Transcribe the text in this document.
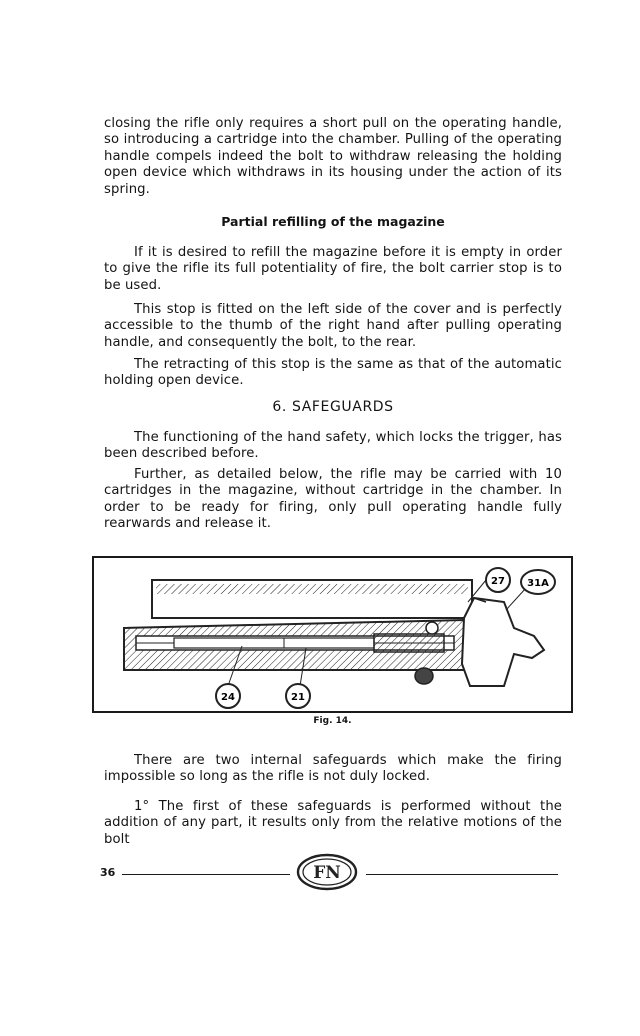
closing the rifle only requires a short pull on the operating handle, so introducing a cartridge into the chamber. Pulling of the operating handle compels indeed the bolt to withdraw releasing the holding open device which withdraws in its housing under the action of its spring.

Partial refilling of the magazine

If it is desired to refill the magazine before it is empty in order to give the rifle its full potentiality of fire, the bolt carrier stop is to be used.

This stop is fitted on the left side of the cover and is perfectly accessible to the thumb of the right hand after pulling operating handle, and consequently the bolt, to the rear.

The retracting of this stop is the same as that of the automatic holding open device.

6. SAFEGUARDS

The functioning of the hand safety, which locks the trigger, has been described before.

Further, as detailed below, the rifle may be carried with 10 cartridges in the magazine, without cartridge in the chamber. In order to be ready for firing, only pull operating handle fully rearwards and release it.

27 31A
24	21

Fig. 14.

There are two internal safeguards which make the firing impossible so long as the rifle is not duly locked.

1° The first of these safeguards is performed without the addition of any part, it results only from the relative motions of the bolt

36	FN
